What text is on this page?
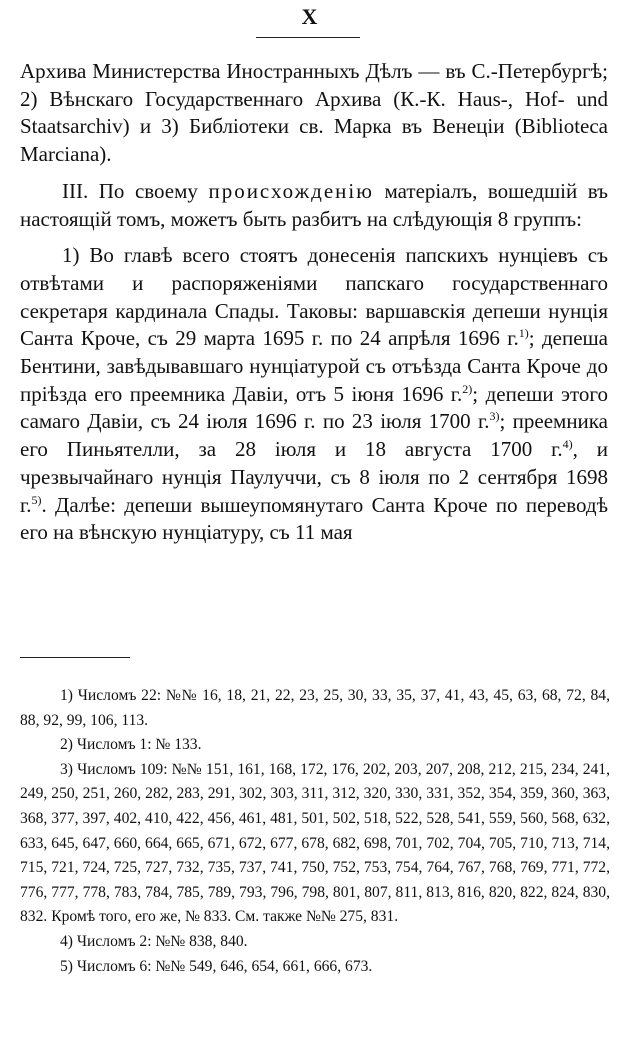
X

Архива Министерства Иностранныхъ Дѣлъ — въ С.-Петербургѣ; 2) Вѣнскаго Государственнаго Архива (К.-К. Haus-, Hof- und Staatsarchiv) и 3) Библіотеки св. Марка въ Венеціи (Biblioteca Marciana).

III. По своему происхожденію матеріалъ, вошедшій въ настоящій томъ, можетъ быть разбитъ на слѣдующія 8 группъ:

1) Во главѣ всего стоятъ донесенія папскихъ нунціевъ съ отвѣтами и распоряженіями папскаго государственнаго секретаря кардинала Спады. Таковы: варшавскія депеши нунція Санта Кроче, съ 29 марта 1695 г. по 24 апрѣля 1696 г.$^{1)}$; депеша Бентини, завѣдывавшаго нунціатурой съ отъѣзда Санта Кроче до пріѣзда его преемника Давіи, отъ 5 іюня 1696 г.$^{2)}$; депеши этого самаго Давіи, съ 24 іюля 1696 г. по 23 іюля 1700 г.$^{3)}$; преемника его Пиньятелли, за 28 іюля и 18 августа 1700 г.$^{4)}$, и чрезвычайнаго нунція Паулуччи, съ 8 іюля по 2 сентября 1698 г.$^{5)}$. Далѣе: депеши вышеупомянутаго Санта Кроче по переводѣ его на вѣнскую нунціатуру, съ 11 мая

1) Числомъ 22: №№ 16, 18, 21, 22, 23, 25, 30, 33, 35, 37, 41, 43, 45, 63, 68, 72, 84, 88, 92, 99, 106, 113.

2) Числомъ 1: № 133.

3) Числомъ 109: №№ 151, 161, 168, 172, 176, 202, 203, 207, 208, 212, 215, 234, 241, 249, 250, 251, 260, 282, 283, 291, 302, 303, 311, 312, 320, 330, 331, 352, 354, 359, 360, 363, 368, 377, 397, 402, 410, 422, 456, 461, 481, 501, 502, 518, 522, 528, 541, 559, 560, 568, 632, 633, 645, 647, 660, 664, 665, 671, 672, 677, 678, 682, 698, 701, 702, 704, 705, 710, 713, 714, 715, 721, 724, 725, 727, 732, 735, 737, 741, 750, 752, 753, 754, 764, 767, 768, 769, 771, 772, 776, 777, 778, 783, 784, 785, 789, 793, 796, 798, 801, 807, 811, 813, 816, 820, 822, 824, 830, 832. Кромѣ того, его же, № 833. См. также №№ 275, 831.

4) Числомъ 2: №№ 838, 840.

5) Числомъ 6: №№ 549, 646, 654, 661, 666, 673.
